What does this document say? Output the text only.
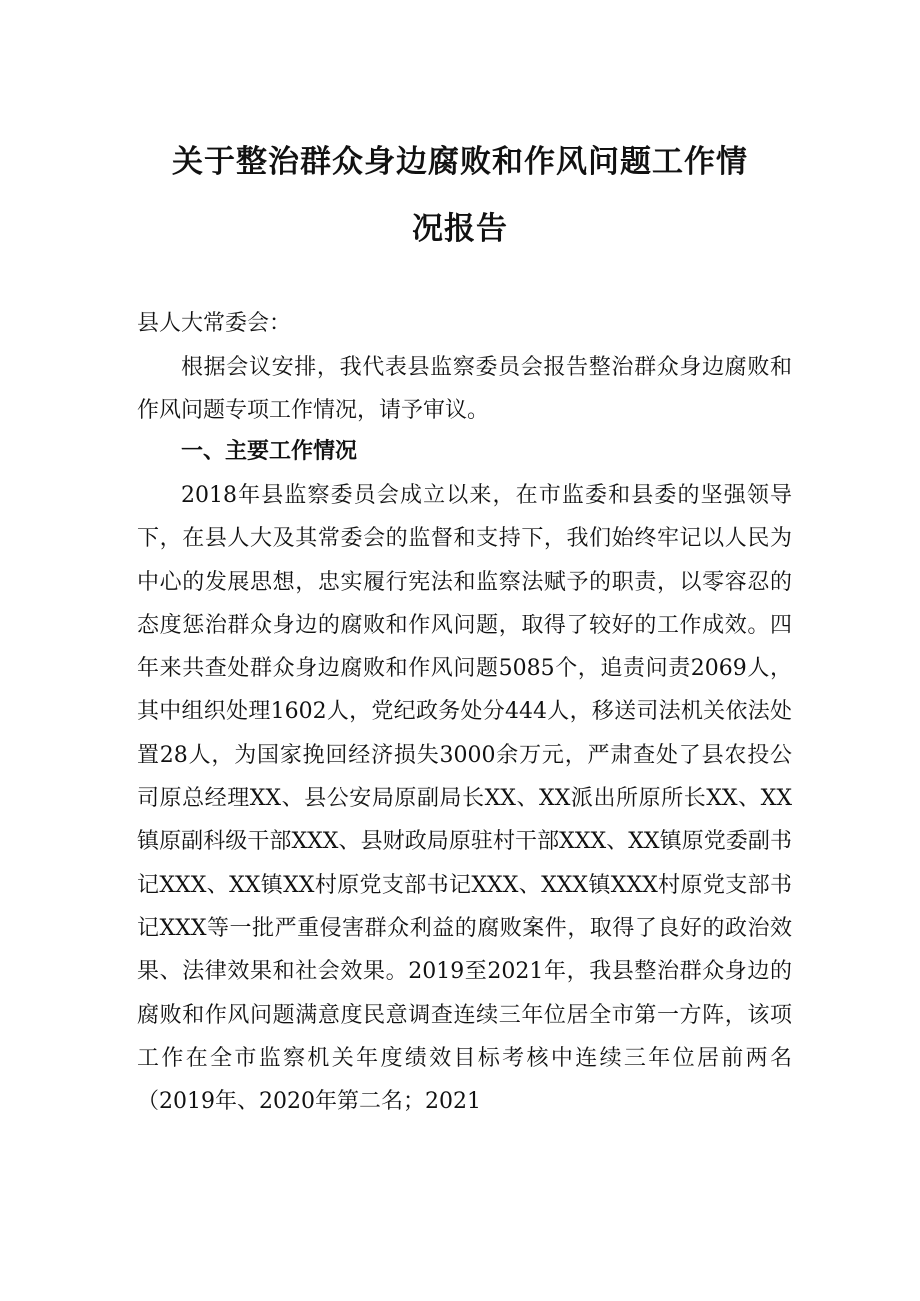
关于整治群众身边腐败和作风问题工作情
况报告

县人大常委会：

根据会议安排，我代表县监察委员会报告整治群众身边腐败和作风问题专项工作情况，请予审议。

一、主要工作情况

2018年县监察委员会成立以来，在市监委和县委的坚强领导下，在县人大及其常委会的监督和支持下，我们始终牢记以人民为中心的发展思想，忠实履行宪法和监察法赋予的职责，以零容忍的态度惩治群众身边的腐败和作风问题，取得了较好的工作成效。四年来共查处群众身边腐败和作风问题5085个，追责问责2069人，其中组织处理1602人，党纪政务处分444人，移送司法机关依法处置28人，为国家挽回经济损失3000余万元，严肃查处了县农投公司原总经理XX、县公安局原副局长XX、XX派出所原所长XX、XX镇原副科级干部XXX、县财政局原驻村干部XXX、XX镇原党委副书记XXX、XX镇XX村原党支部书记XXX、XXX镇XXX村原党支部书记XXX等一批严重侵害群众利益的腐败案件，取得了良好的政治效果、法律效果和社会效果。2019至2021年，我县整治群众身边的腐败和作风问题满意度民意调查连续三年位居全市第一方阵，该项工作在全市监察机关年度绩效目标考核中连续三年位居前两名（2019年、2020年第二名；2021
